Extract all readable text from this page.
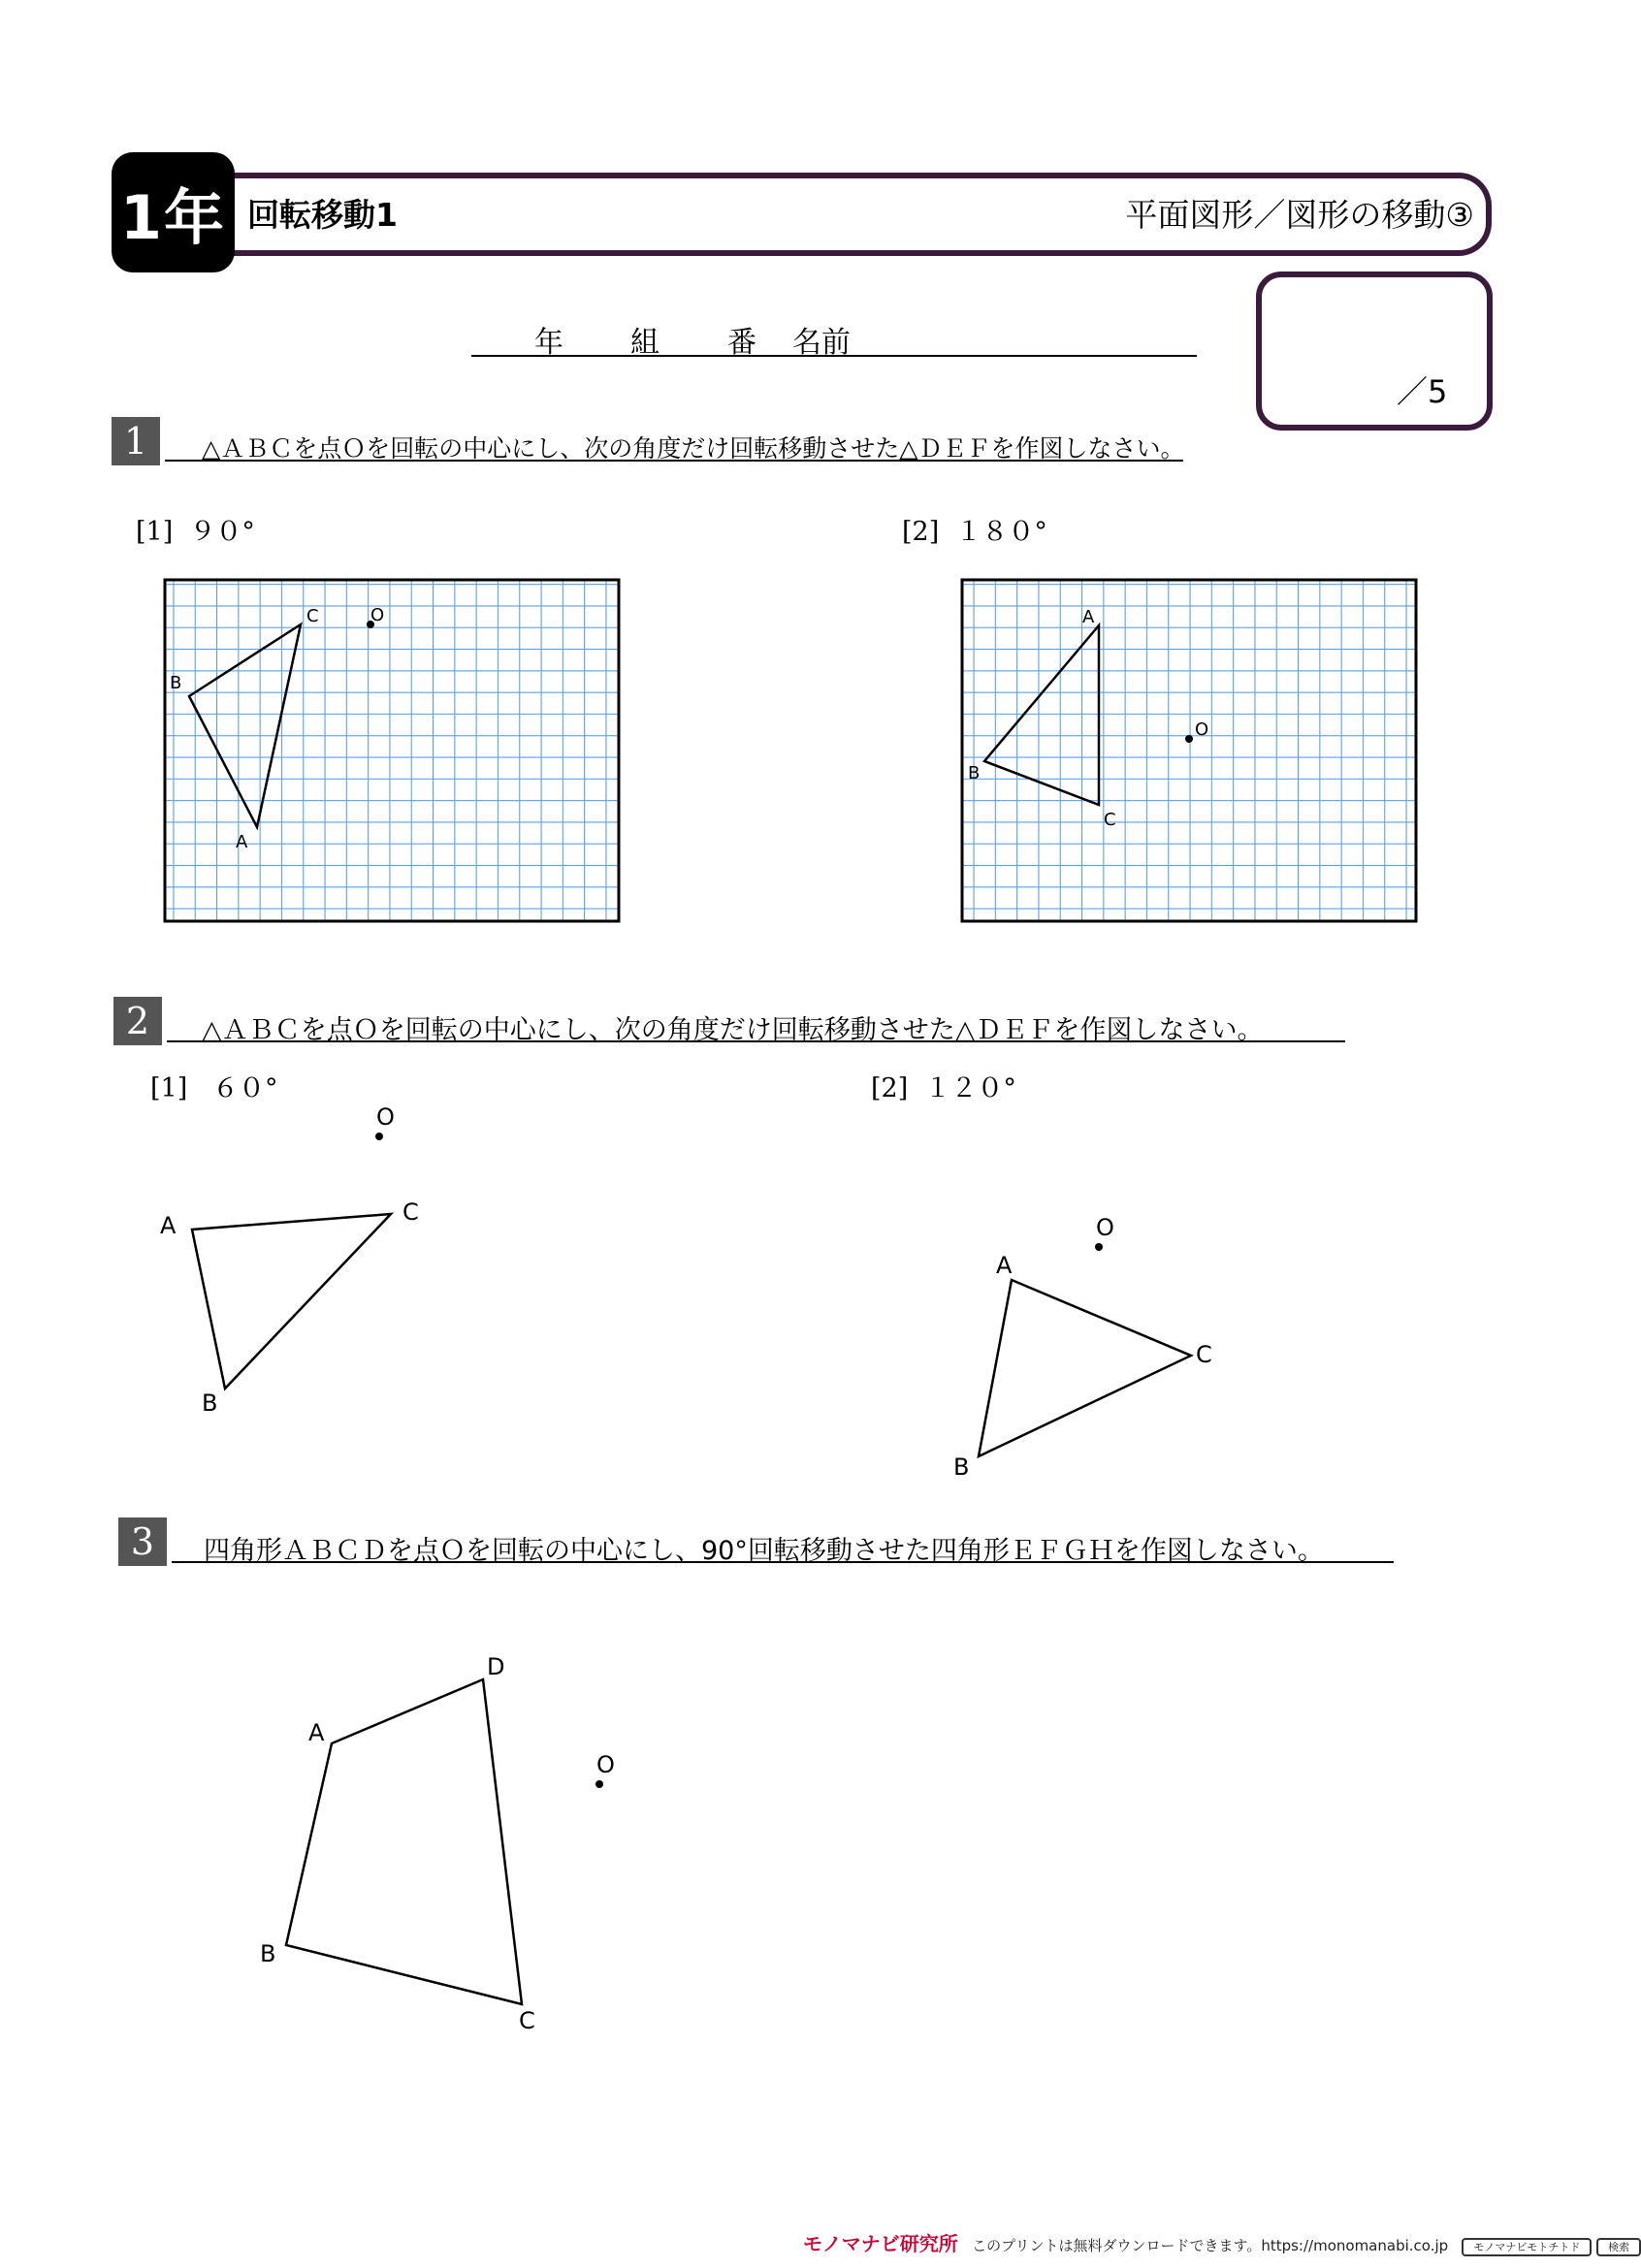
1年 回転移動1	平面図形／図形の移動③
／5
年 組 番 名前
1	△ＡＢＣを点Ｏを回転の中心にし、次の角度だけ回転移動させた△ＤＥＦを作図しなさい。
[1] ９０°	[2] １８０°
2	△ＡＢＣを点Ｏを回転の中心にし、次の角度だけ回転移動させた△ＤＥＦを作図しなさい。
[1] ６０°	[2] １２０°
3	四角形ＡＢＣＤを点Ｏを回転の中心にし、90°回転移動させた四角形ＥＦＧＨを作図しなさい。
C	O
B
A
A
B
C
O
O
A	C
B
O
A
C
B
O
A
D
B
C
モノマナビ研究所 このプリントは無料ダウンロードできます。https://monomanabi.co.jp モノマナビモトチトド	検索
